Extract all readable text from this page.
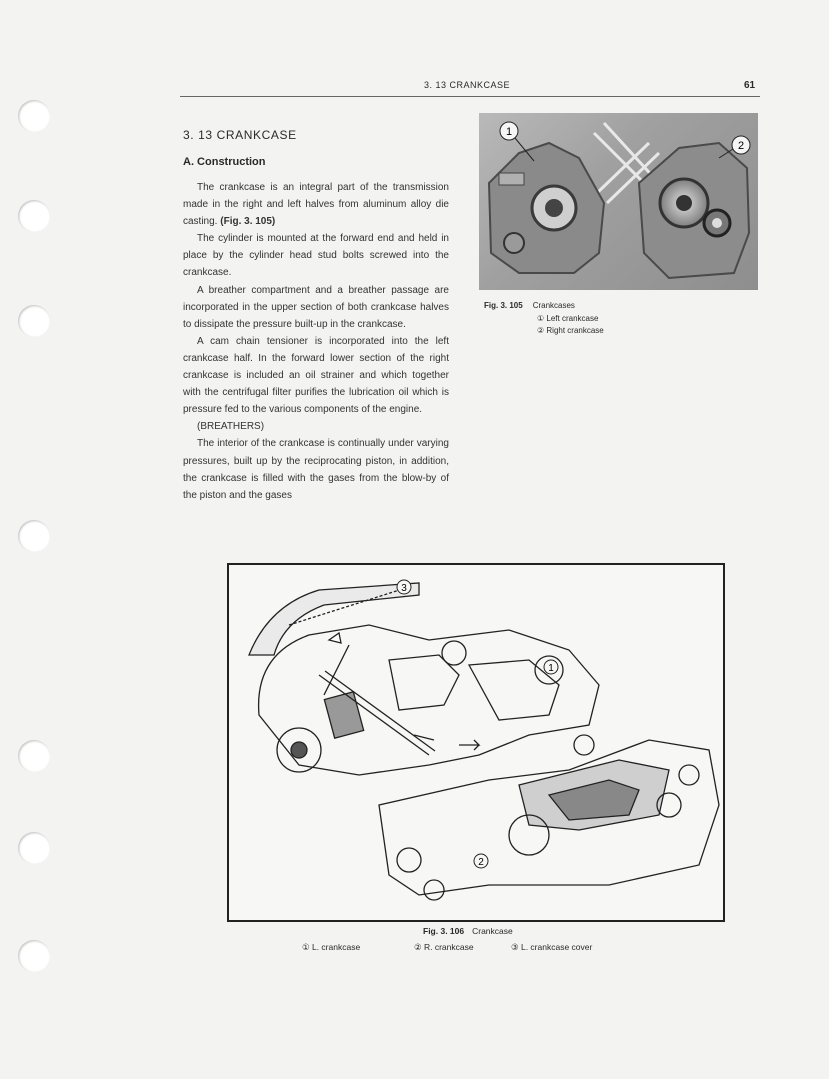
3. 13 CRANKCASE	61
3. 13 CRANKCASE
A. Construction

The crankcase is an integral part of the transmission made in the right and left halves from aluminum alloy die casting. (Fig. 3. 105)

The cylinder is mounted at the forward end and held in place by the cylinder head stud bolts screwed into the crankcase.

A breather compartment and a breather passage are incorporated in the upper section of both crankcase halves to dissipate the pressure built-up in the crankcase.

A cam chain tensioner is incorporated into the left crankcase half. In the forward lower section of the right crankcase is included an oil strainer and which together with the centrifugal filter purifies the lubrication oil which is pressure fed to the various components of the engine.

(BREATHERS)

The interior of the crankcase is continually under varying pressures, built up by the reciprocating piston, in addition, the crankcase is filled with the gases from the blow-by of the piston and the gases

1
2
Fig. 3. 105 Crankcases
① Left crankcase
② Right crankcase
3
1
2
Fig. 3. 106 Crankcase
① L. crankcase	② R. crankcase	③ L. crankcase cover
